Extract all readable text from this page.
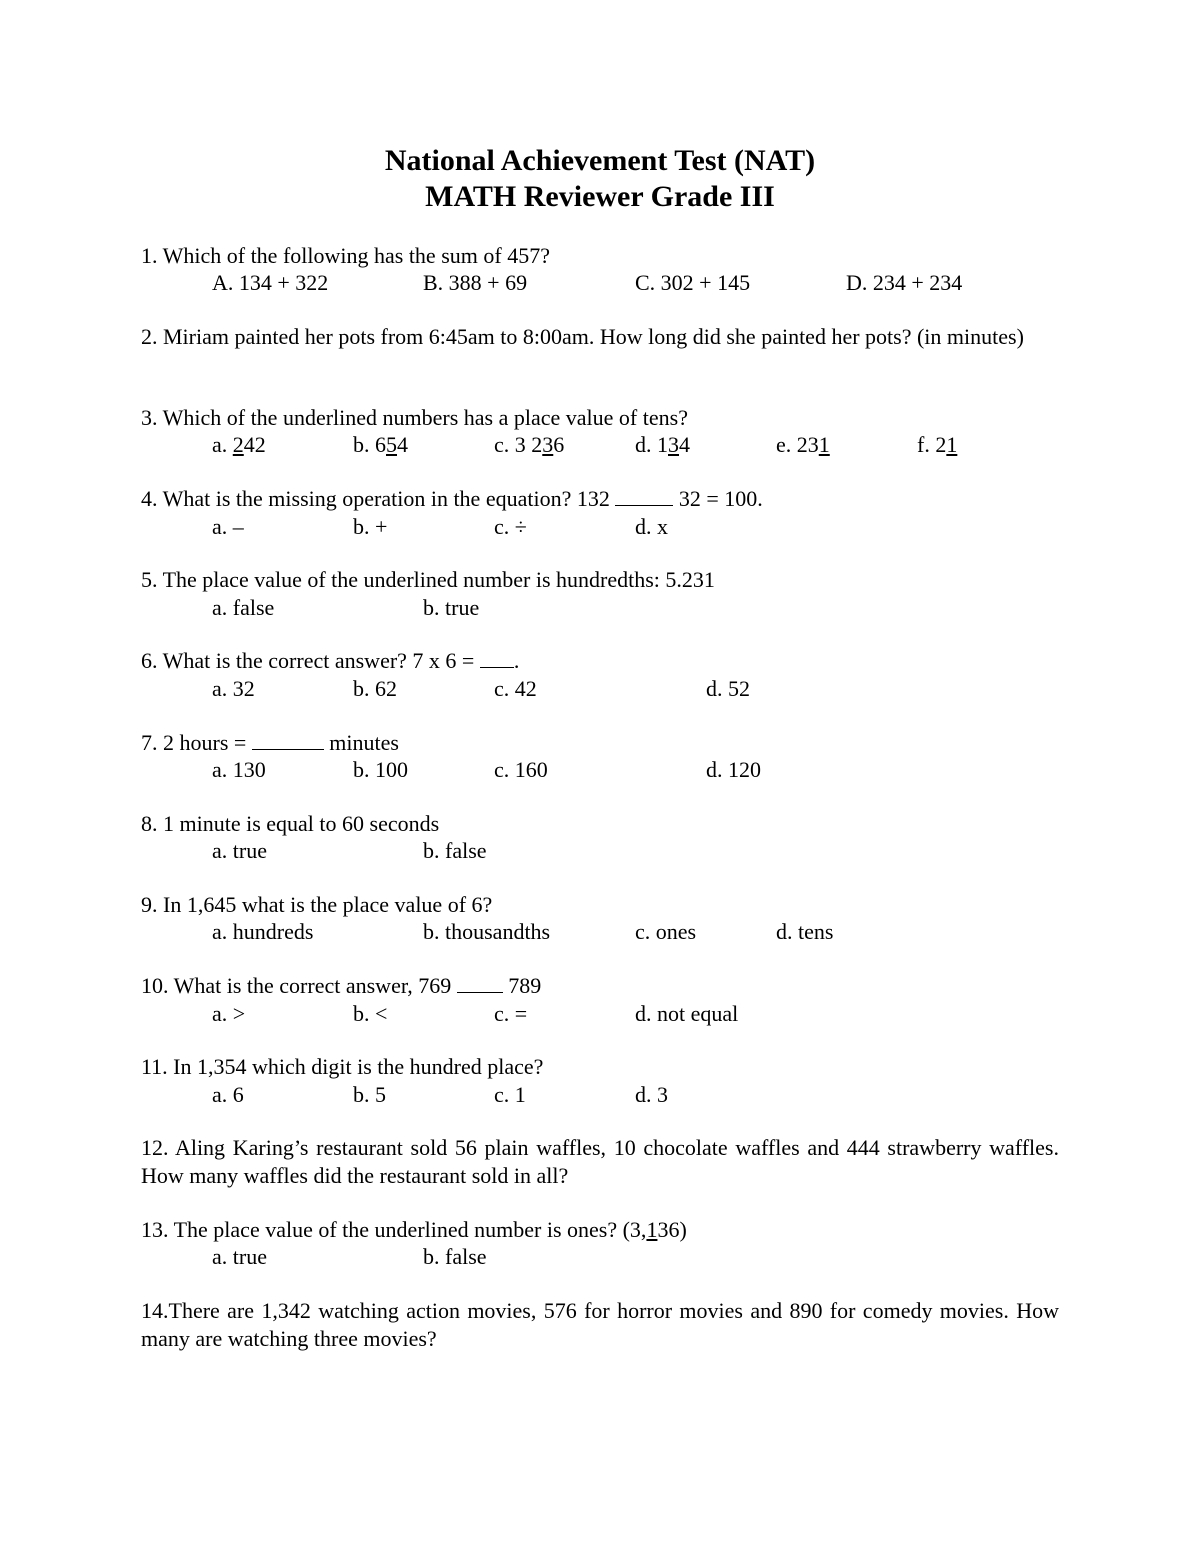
National Achievement Test (NAT)
MATH Reviewer Grade III
1. Which of the following has the sum of 457?
A. 134 + 322	B. 388 + 69	C. 302 + 145	D. 234 + 234
2. Miriam painted her pots from 6:45am to 8:00am. How long did she painted her pots? (in minutes)
3. Which of the underlined numbers has a place value of tens?
a. 242	b. 654	c. 3 236	d. 134	e. 231	f. 21
4. What is the missing operation in the equation? 132	32 = 100.
a. –	b. +	c. ÷	d. x
5. The place value of the underlined number is hundredths: 5.231
a. false	b. true
6. What is the correct answer? 7 x 6 = .
a. 32	b. 62	c. 42	d. 52
7. 2 hours =	minutes
a. 130	b. 100	c. 160	d. 120
8. 1 minute is equal to 60 seconds
a. true	b. false
9. In 1,645 what is the place value of 6?
a. hundreds	b. thousandths	c. ones	d. tens
10. What is the correct answer, 769  789
a. >	b. <	c. =	d. not equal
11. In 1,354 which digit is the hundred place?
a. 6	b. 5	c. 1	d. 3
12. Aling Karing’s restaurant sold 56 plain waffles, 10 chocolate waffles and 444 strawberry waffles. How many waffles did the restaurant sold in all?
13. The place value of the underlined number is ones? (3,136)
a. true	b. false
14.There are 1,342 watching action movies, 576 for horror movies and 890 for comedy movies. How many are watching three movies?
